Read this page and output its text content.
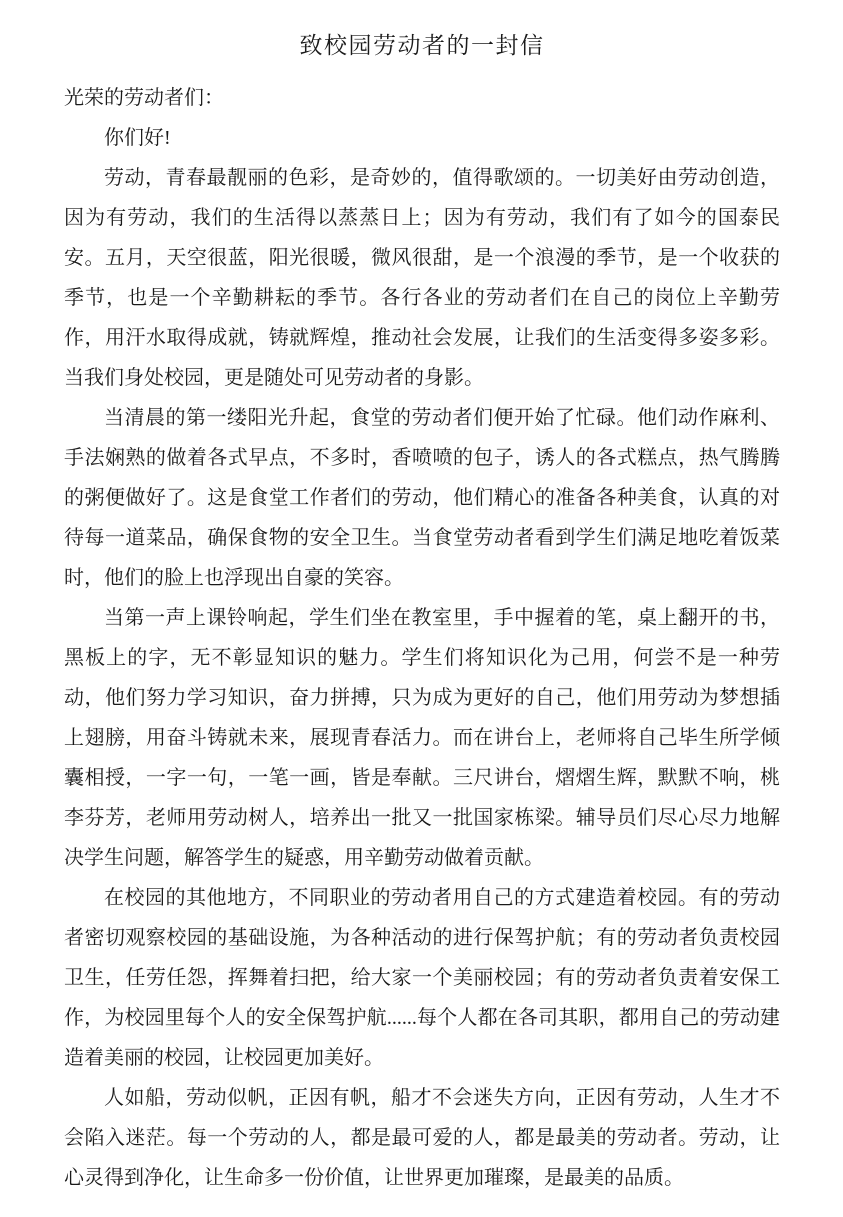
致校园劳动者的一封信

光荣的劳动者们：

你们好!

劳动，青春最靓丽的色彩，是奇妙的，值得歌颂的。一切美好由劳动创造，因为有劳动，我们的生活得以蒸蒸日上；因为有劳动，我们有了如今的国泰民安。五月，天空很蓝，阳光很暖，微风很甜，是一个浪漫的季节，是一个收获的季节，也是一个辛勤耕耘的季节。各行各业的劳动者们在自己的岗位上辛勤劳作，用汗水取得成就，铸就辉煌，推动社会发展，让我们的生活变得多姿多彩。当我们身处校园，更是随处可见劳动者的身影。

当清晨的第一缕阳光升起，食堂的劳动者们便开始了忙碌。他们动作麻利、手法娴熟的做着各式早点，不多时，香喷喷的包子，诱人的各式糕点，热气腾腾的粥便做好了。这是食堂工作者们的劳动，他们精心的准备各种美食，认真的对待每一道菜品，确保食物的安全卫生。当食堂劳动者看到学生们满足地吃着饭菜时，他们的脸上也浮现出自豪的笑容。

当第一声上课铃响起，学生们坐在教室里，手中握着的笔，桌上翻开的书，黑板上的字，无不彰显知识的魅力。学生们将知识化为己用，何尝不是一种劳动，他们努力学习知识，奋力拼搏，只为成为更好的自己，他们用劳动为梦想插上翅膀，用奋斗铸就未来，展现青春活力。而在讲台上，老师将自己毕生所学倾囊相授，一字一句，一笔一画，皆是奉献。三尺讲台，熠熠生辉，默默不响，桃李芬芳，老师用劳动树人，培养出一批又一批国家栋梁。辅导员们尽心尽力地解决学生问题，解答学生的疑惑，用辛勤劳动做着贡献。

在校园的其他地方，不同职业的劳动者用自己的方式建造着校园。有的劳动者密切观察校园的基础设施，为各种活动的进行保驾护航；有的劳动者负责校园卫生，任劳任怨，挥舞着扫把，给大家一个美丽校园；有的劳动者负责着安保工作，为校园里每个人的安全保驾护航......每个人都在各司其职，都用自己的劳动建造着美丽的校园，让校园更加美好。

人如船，劳动似帆，正因有帆，船才不会迷失方向，正因有劳动，人生才不会陷入迷茫。每一个劳动的人，都是最可爱的人，都是最美的劳动者。劳动，让心灵得到净化，让生命多一份价值，让世界更加璀璨，是最美的品质。
